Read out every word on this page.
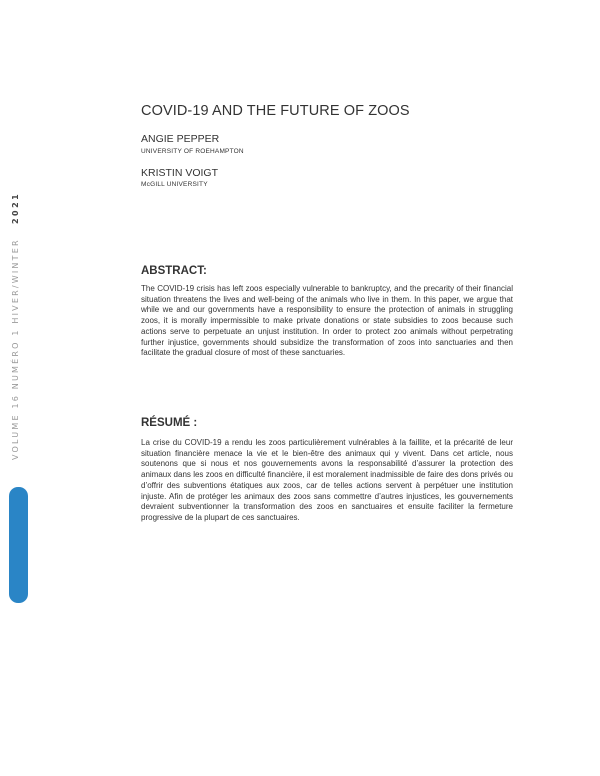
VOLUME 16 NUMÉRO 1 HIVER/WINTER   2021
COVID-19 AND THE FUTURE OF ZOOS
ANGIE PEPPER
UNIVERSITY OF ROEHAMPTON
KRISTIN VOIGT
McGILL UNIVERSITY
ABSTRACT:

The COVID-19 crisis has left zoos especially vulnerable to bankruptcy, and the precarity of their financial situation threatens the lives and well-being of the animals who live in them. In this paper, we argue that while we and our governments have a responsibility to ensure the protection of animals in struggling zoos, it is morally impermissible to make private donations or state subsidies to zoos because such actions serve to perpetuate an unjust institution. In order to protect zoo animals without perpetrating further injustice, governments should subsidize the transformation of zoos into sanctuaries and then facilitate the gradual closure of most of these sanctuaries.

RÉSUMÉ :

La crise du COVID-19 a rendu les zoos particulièrement vulnérables à la faillite, et la précarité de leur situation financière menace la vie et le bien-être des animaux qui y vivent. Dans cet article, nous soutenons que si nous et nos gouvernements avons la responsabilité d’assurer la protection des animaux dans les zoos en difficulté financière, il est moralement inadmissible de faire des dons privés ou d’offrir des subventions étatiques aux zoos, car de telles actions servent à perpétuer une institution injuste. Afin de protéger les animaux des zoos sans commettre d’autres injustices, les gouvernements devraient subventionner la transformation des zoos en sanctuaires et ensuite faciliter la fermeture progressive de la plupart de ces sanctuaires.
